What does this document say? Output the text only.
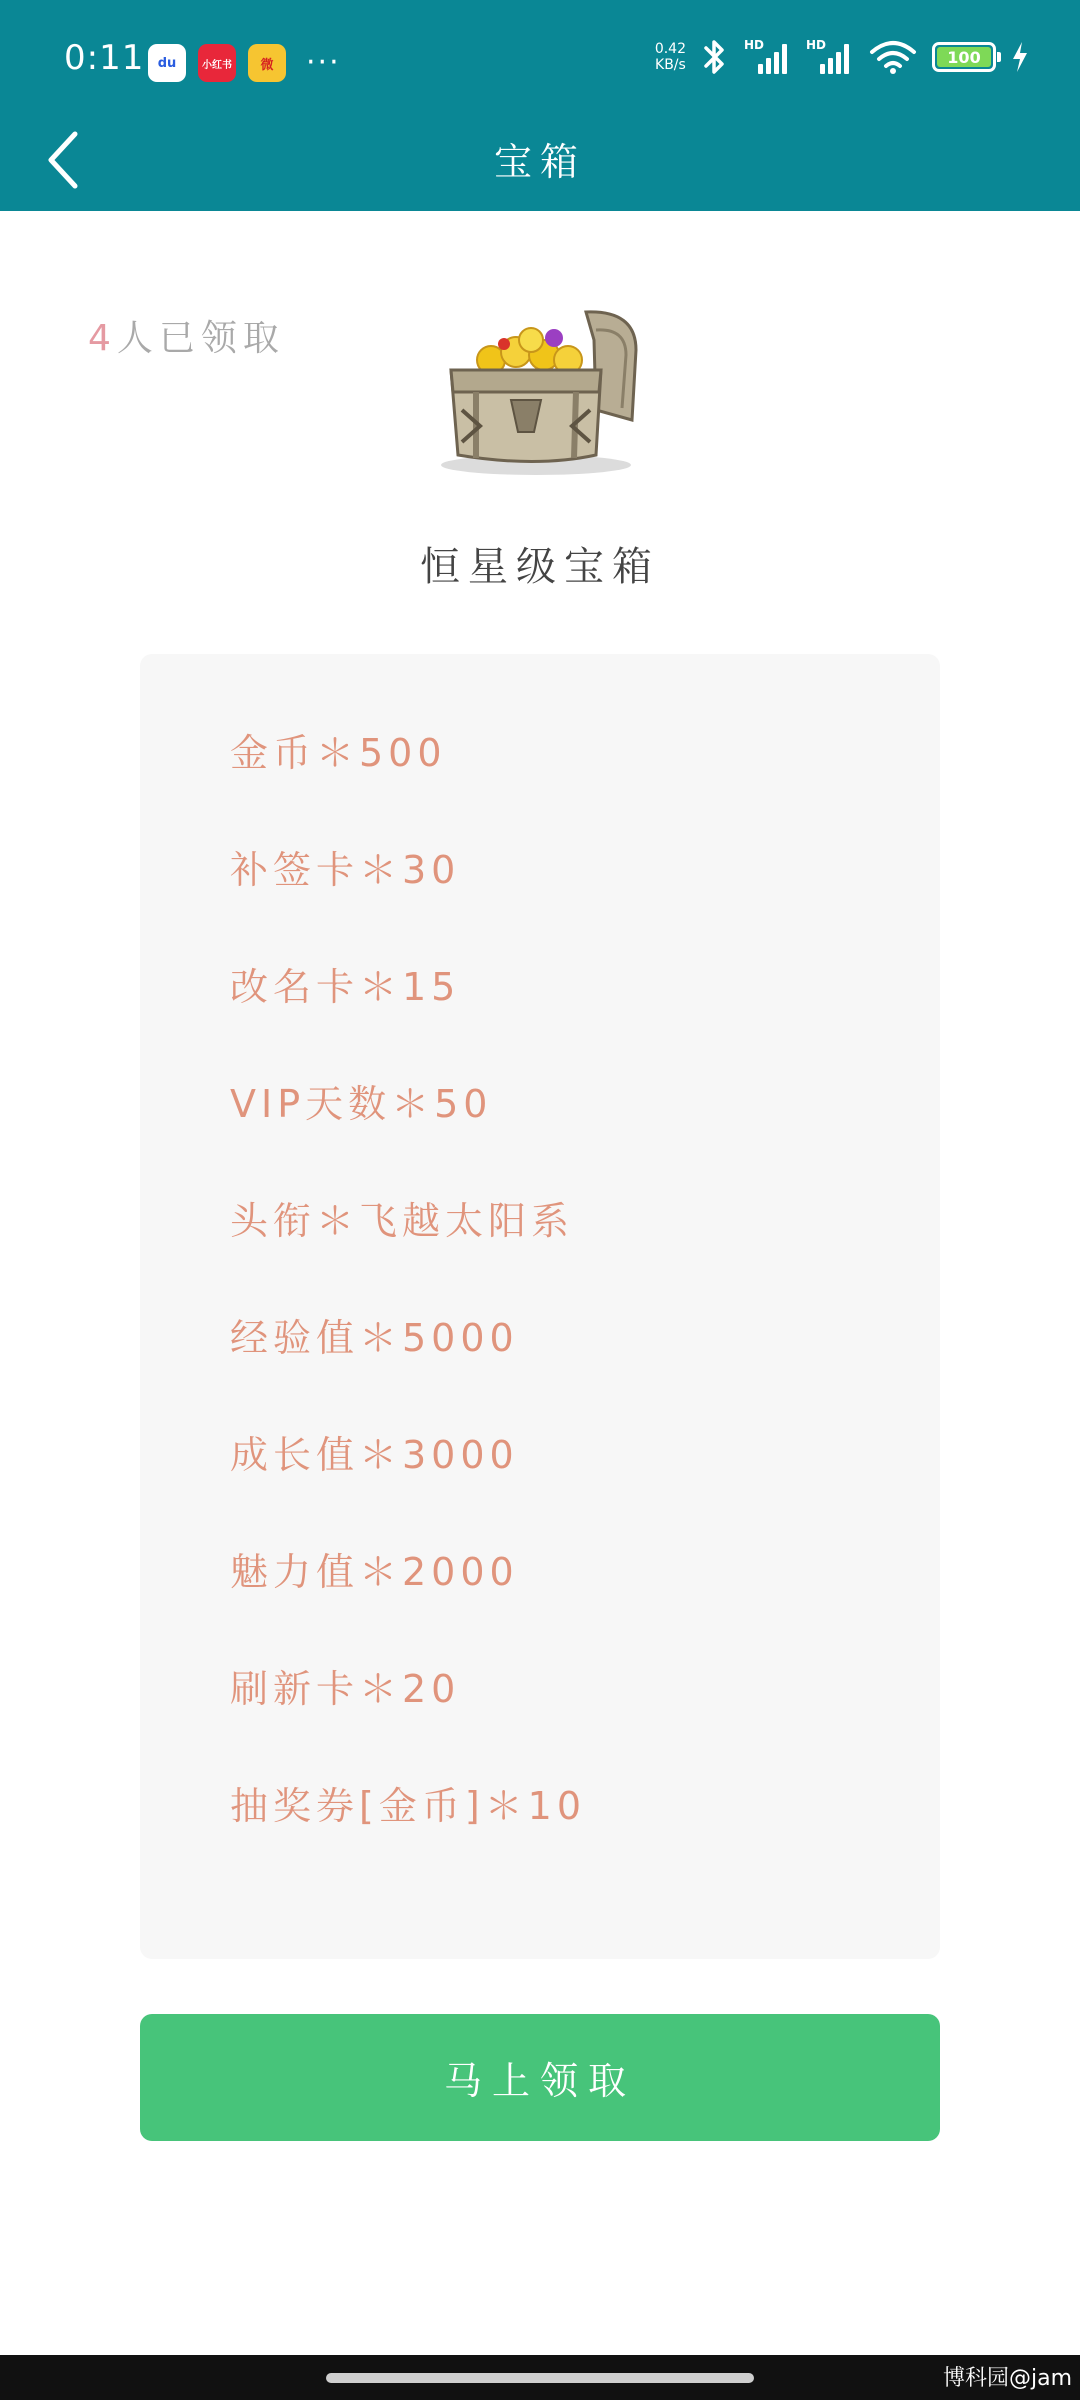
0:11	du	小红书	微	···	0.42
KB/s
HD	HD
100
宝箱
4人已领取
恒星级宝箱
金币＊500
补签卡＊30
改名卡＊15
VIP天数＊50
头衔＊飞越太阳系
经验值＊5000
成长值＊3000
魅力值＊2000
刷新卡＊20
抽奖券[金币]＊10
马上领取
博科园@jam
